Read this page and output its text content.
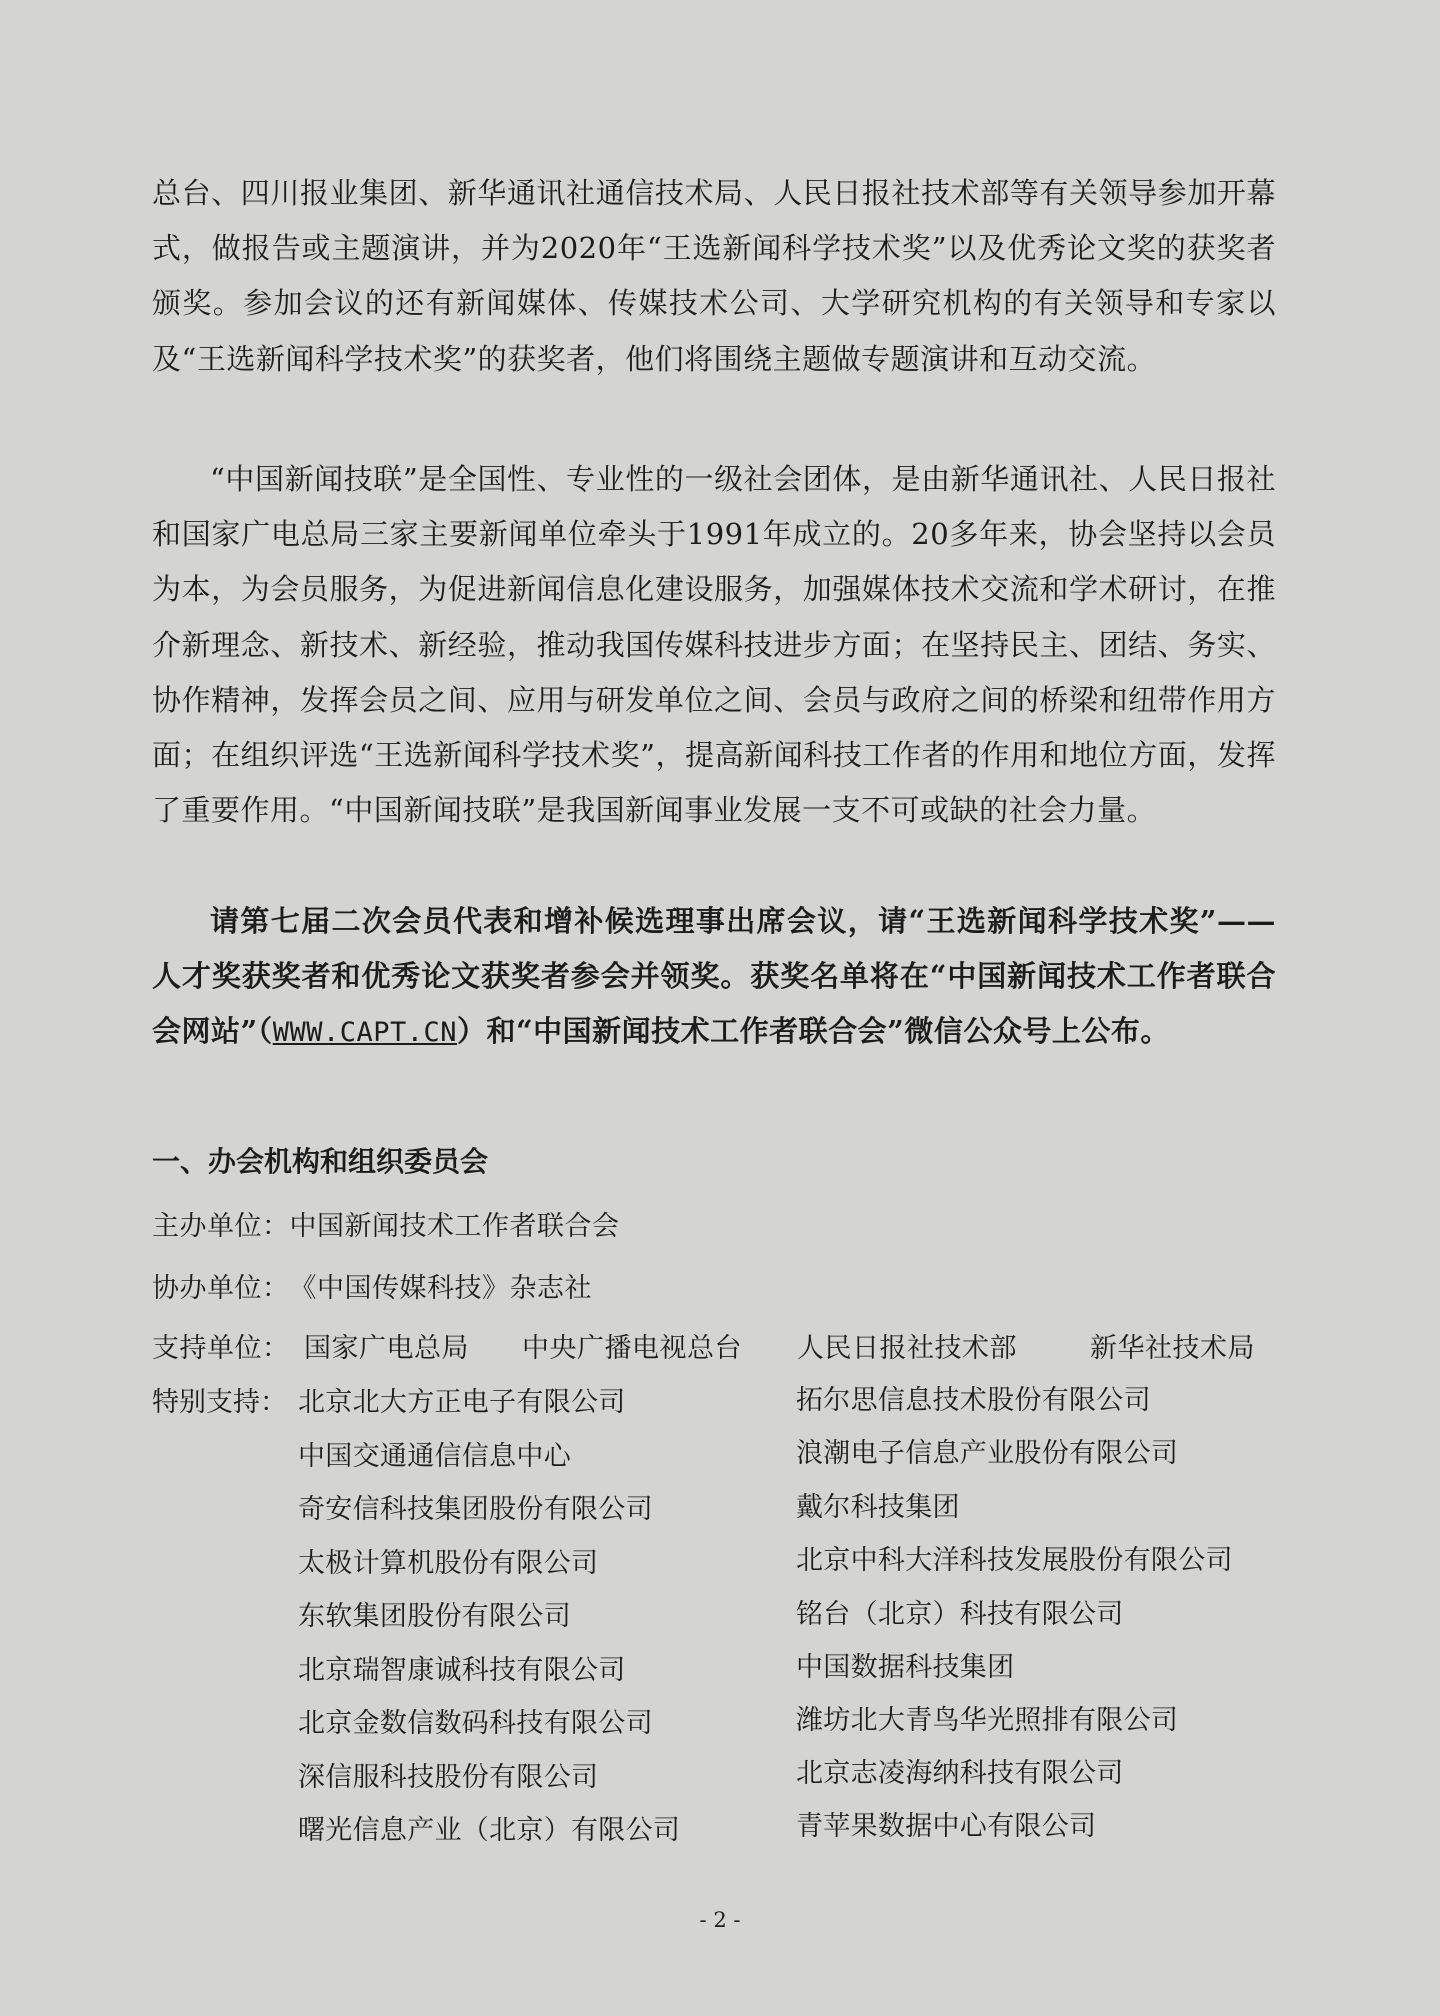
总台、四川报业集团、新华通讯社通信技术局、人民日报社技术部等有关领导参加开幕式，做报告或主题演讲，并为2020年“王选新闻科学技术奖”以及优秀论文奖的获奖者颁奖。参加会议的还有新闻媒体、传媒技术公司、大学研究机构的有关领导和专家以及“王选新闻科学技术奖”的获奖者，他们将围绕主题做专题演讲和互动交流。
“中国新闻技联”是全国性、专业性的一级社会团体，是由新华通讯社、人民日报社和国家广电总局三家主要新闻单位牵头于1991年成立的。20多年来，协会坚持以会员为本，为会员服务，为促进新闻信息化建设服务，加强媒体技术交流和学术研讨，在推介新理念、新技术、新经验，推动我国传媒科技进步方面；在坚持民主、团结、务实、协作精神，发挥会员之间、应用与研发单位之间、会员与政府之间的桥梁和纽带作用方面；在组织评选“王选新闻科学技术奖”，提高新闻科技工作者的作用和地位方面，发挥了重要作用。“中国新闻技联”是我国新闻事业发展一支不可或缺的社会力量。
请第七届二次会员代表和增补候选理事出席会议，请“王选新闻科学技术奖”——人才奖获奖者和优秀论文获奖者参会并领奖。获奖名单将在“中国新闻技术工作者联合会网站”（WWW.CAPT.CN）和“中国新闻技术工作者联合会”微信公众号上公布。
一、办会机构和组织委员会
主办单位：中国新闻技术工作者联合会
协办单位：《中国传媒科技》杂志社
支持单位： 国家广电总局 中央广播电视总台 人民日报社技术部	新华社技术局
特别支持： 北京北大方正电子有限公司
中国交通通信信息中心
奇安信科技集团股份有限公司
太极计算机股份有限公司
东软集团股份有限公司
北京瑞智康诚科技有限公司
北京金数信数码科技有限公司
深信服科技股份有限公司
曙光信息产业（北京）有限公司
拓尔思信息技术股份有限公司
浪潮电子信息产业股份有限公司
戴尔科技集团
北京中科大洋科技发展股份有限公司
铭台（北京）科技有限公司
中国数据科技集团
潍坊北大青鸟华光照排有限公司
北京志凌海纳科技有限公司
青苹果数据中心有限公司
- 2 -
